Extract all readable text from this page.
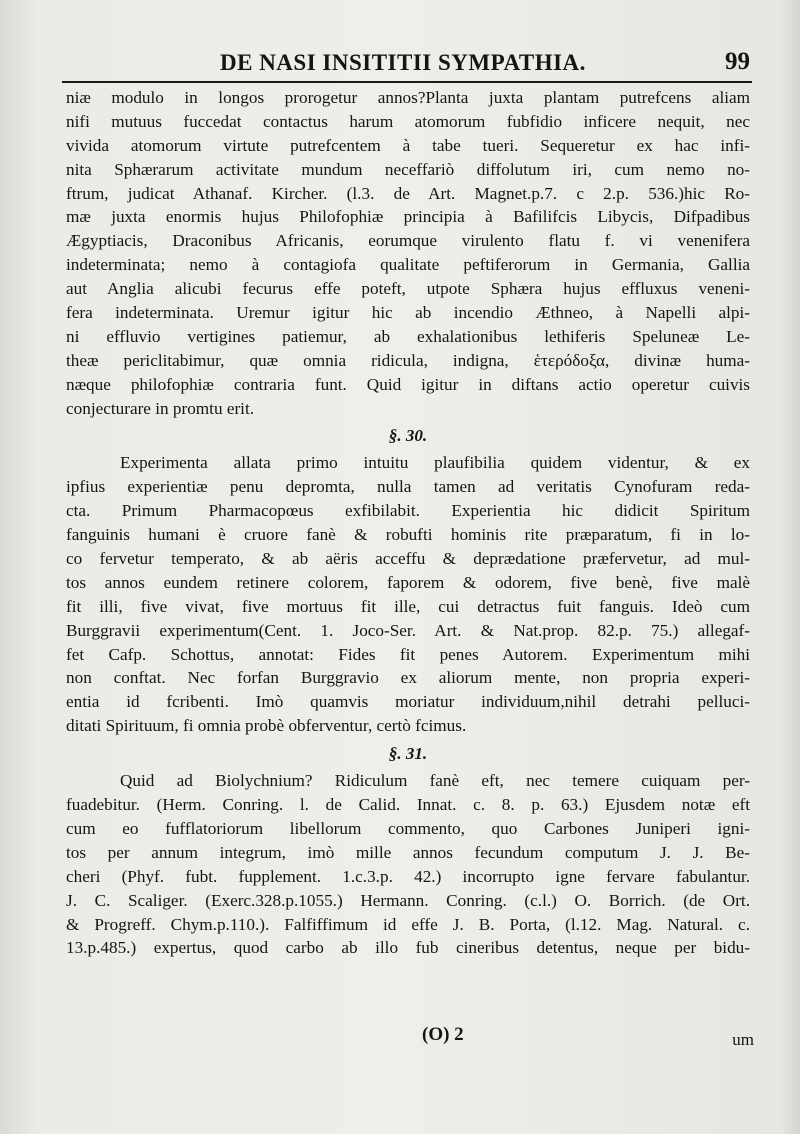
DE NASI INSITITII SYMPATHIA.	99
niæ modulo in longos prorogetur annos?Planta juxta plantam putrefcens aliam
nifi mutuus fuccedat contactus harum atomorum fubfidio inficere nequit, nec
vivida atomorum virtute putrefcentem à tabe tueri. Sequeretur ex hac infi-
nita Sphærarum activitate mundum neceffariò diffolutum iri, cum nemo no-
ftrum, judicat Athanaf. Kircher. (l.3. de Art. Magnet.p.7. c 2.p. 536.)hic Ro-
mæ juxta enormis hujus Philofophiæ principia à Bafilifcis Libycis, Difpadibus
Ægyptiacis, Draconibus Africanis, eorumque virulento flatu f. vi venenifera
indeterminata; nemo à contagiofa qualitate peftiferorum in Germania, Gallia
aut Anglia alicubi fecurus effe poteft, utpote Sphæra hujus effluxus veneni-
fera indeterminata. Uremur igitur hic ab incendio Æthneo, à Napelli alpi-
ni effluvio vertigines patiemur, ab exhalationibus lethiferis Speluneæ Le-
theæ periclitabimur, quæ omnia ridicula, indigna, ἑτερόδοξα, divinæ huma-
næque philofophiæ contraria funt. Quid igitur in diftans actio operetur cuivis
conjecturare in promtu erit.
§. 30.
Experimenta allata primo intuitu plaufibilia quidem videntur, & ex
ipfius experientiæ penu depromta, nulla tamen ad veritatis Cynofuram reda-
cta. Primum Pharmacopœus exfibilabit. Experientia hic didicit Spiritum
fanguinis humani è cruore fanè & robufti hominis rite præparatum, fi in lo-
co fervetur temperato, & ab aëris acceffu & deprædatione præfervetur, ad mul-
tos annos eundem retinere colorem, faporem & odorem, five benè, five malè
fit illi, five vivat, five mortuus fit ille, cui detractus fuit fanguis. Ideò cum
Burggravii experimentum(Cent. 1. Joco-Ser. Art. & Nat.prop. 82.p. 75.) allegaf-
fet Cafp. Schottus, annotat: Fides fit penes Autorem. Experimentum mihi
non conftat. Nec forfan Burggravio ex aliorum mente, non propria experi-
entia id fcribenti. Imò quamvis moriatur individuum,nihil detrahi pelluci-
ditati Spirituum, fi omnia probè obferventur, certò fcimus.
§. 31.
Quid ad Biolychnium? Ridiculum fanè eft, nec temere cuiquam per-
fuadebitur. (Herm. Conring. l. de Calid. Innat. c. 8. p. 63.) Ejusdem notæ eft
cum eo fufflatoriorum libellorum commento, quo Carbones Juniperi igni-
tos per annum integrum, imò mille annos fecundum computum J. J. Be-
cheri (Phyf. fubt. fupplement. 1.c.3.p. 42.) incorrupto igne fervare fabulantur.
J. C. Scaliger. (Exerc.328.p.1055.) Hermann. Conring. (c.l.) O. Borrich. (de Ort.
& Progreff. Chym.p.110.). Falfiffimum id effe J. B. Porta, (l.12. Mag. Natural. c.
13.p.485.) expertus, quod carbo ab illo fub cineribus detentus, neque per bidu-
(O) 2	um
